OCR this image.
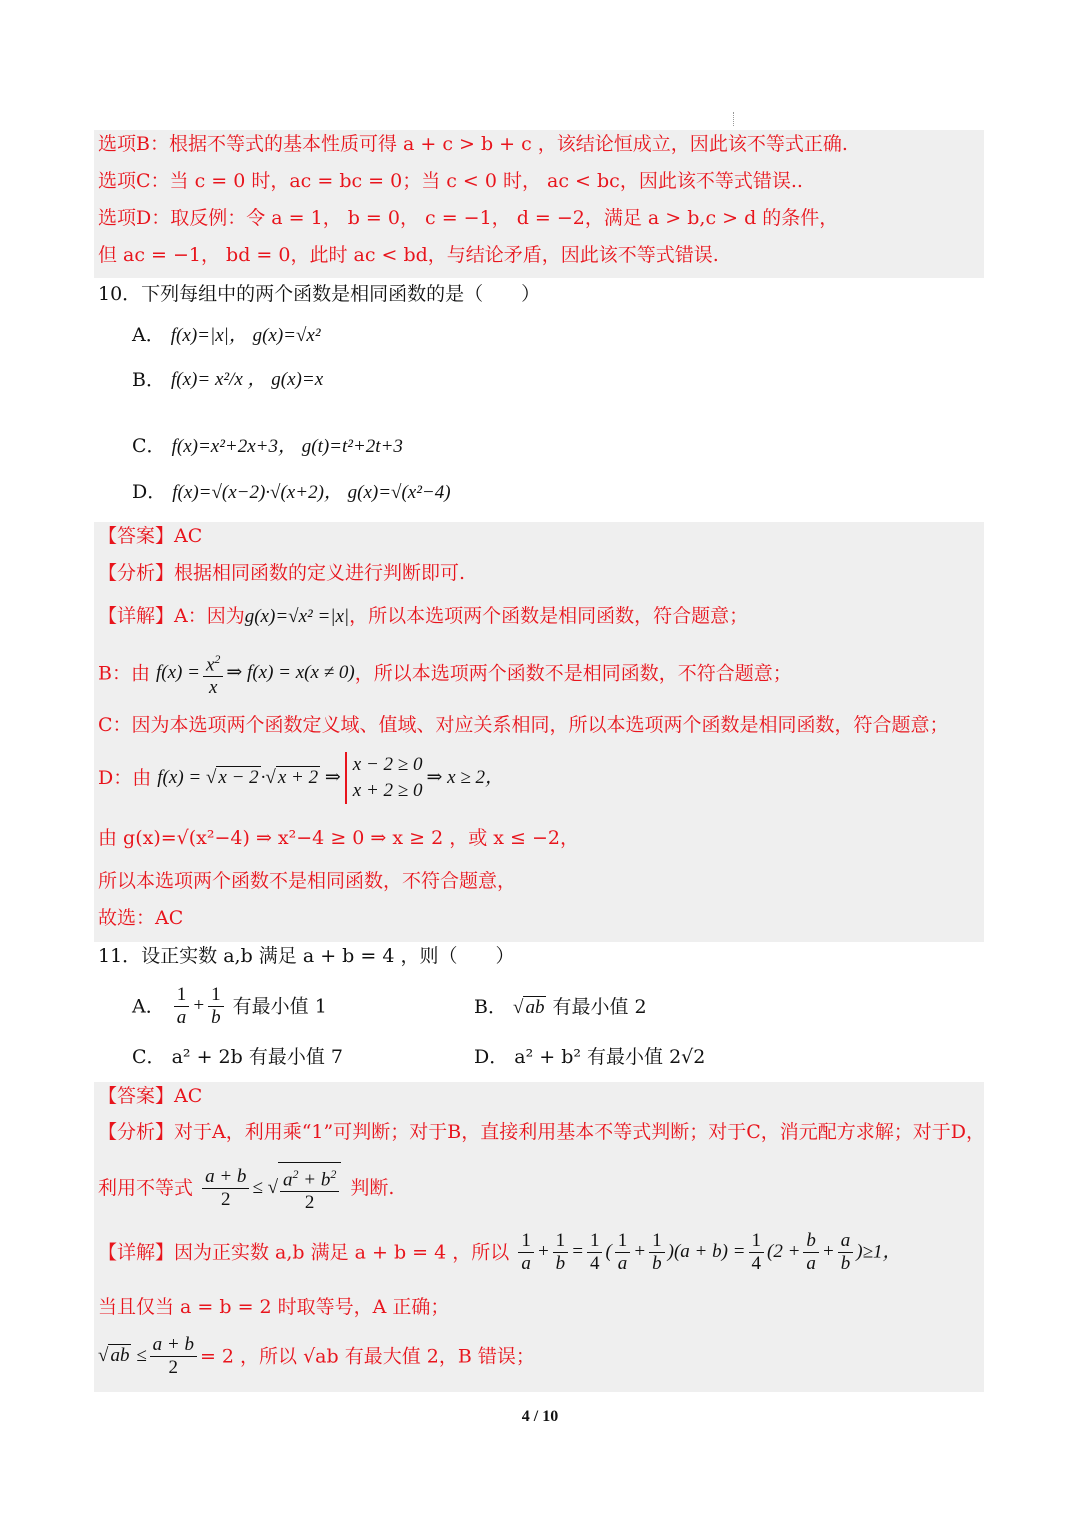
选项B：根据不等式的基本性质可得 a + c > b + c ，该结论恒成立，因此该不等式正确.
选项C：当 c = 0 时，ac = bc = 0；当 c < 0 时， ac < bc，因此该不等式错误..
选项D：取反例：令 a = 1， b = 0， c = −1， d = −2，满足 a > b,c > d 的条件，
但 ac = −1， bd = 0，此时 ac < bd，与结论矛盾，因此该不等式错误.
10．下列每组中的两个函数是相同函数的是（　　）
A． f(x)=|x|， g(x)=√x²
B． f(x)= x²/x ， g(x)=x
C． f(x)=x²+2x+3， g(t)=t²+2t+3
D． f(x)=√(x−2)·√(x+2)， g(x)=√(x²−4)
【答案】AC
【分析】根据相同函数的定义进行判断即可.
【详解】A：因为g(x)=√x² =|x|，所以本选项两个函数是相同函数，符合题意；
B：由 $f(x) = \frac{x^2}{x}$ ⇒ f(x) = x(x ≠ 0)，所以本选项两个函数不是相同函数，不符合题意；
C：因为本选项两个函数定义域、值域、对应关系相同，所以本选项两个函数是相同函数，符合题意；
D：由 f(x) = √ x − 2 ·√ x + 2 ⇒
x − 2 ≥ 0
x + 2 ≥ 0
⇒ x ≥ 2，
由 g(x)=√(x²−4) ⇒ x²−4 ≥ 0 ⇒ x ≥ 2 ，或 x ≤ −2，
所以本选项两个函数不是相同函数，不符合题意，
故选：AC
11．设正实数 a,b 满足 a + b = 4 ，则（　　）
A． $\frac{1}{a} + \frac{1}{b}$ 有最小值 1	B． √ ab 有最小值 2
C． a² + 2b 有最小值 7	D． a² + b² 有最小值 2√2
【答案】AC
【分析】对于A，利用乘“1”可判断；对于B，直接利用基本不等式判断；对于C，消元配方求解；对于D，
利用不等式 $\frac{a + b}{2}$ ≤ √ $\frac{a^2 + b^2}{2}$ 判断.
【详解】因为正实数 a,b 满足 a + b = 4 ，所以 $\frac{1}{a} + \frac{1}{b} = \frac{1}{4}$ ( $\frac{1}{a} + \frac{1}{b} )(a + b) = \frac{1}{4} (2 + \frac{b}{a} + \frac{a}{b} )\ge 1$，
当且仅当 a = b = 2 时取等号，A 正确；
√ ab ≤ $\frac{a + b}{2} = 2$ ，所以 √ab 有最大值 2，B 错误；
4 / 10
